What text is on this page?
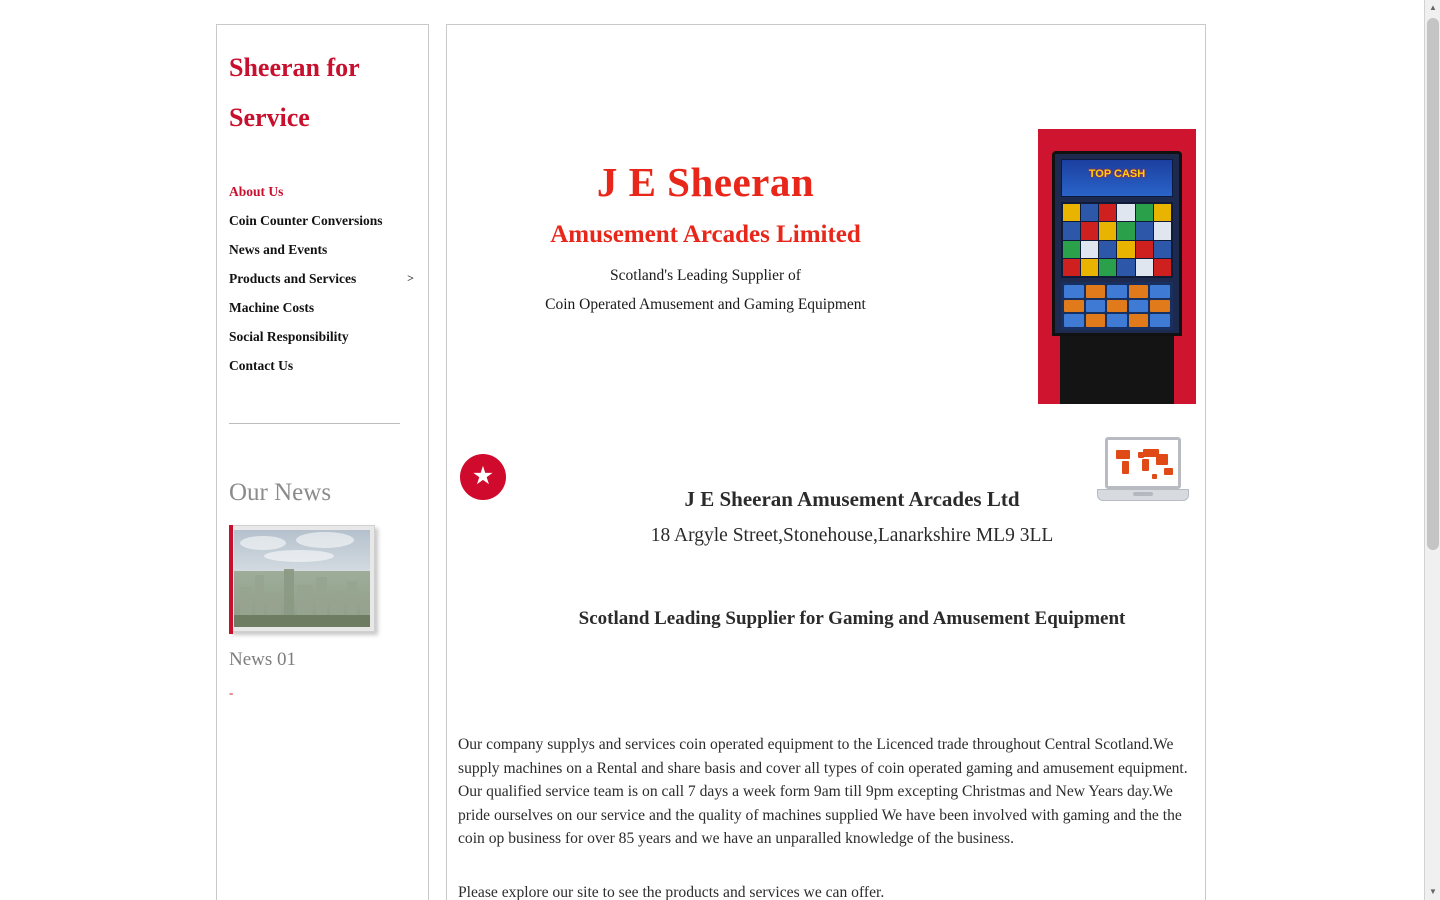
Sheeran for Service
About Us
Coin Counter Conversions
News and Events
Products and Services	>
Machine Costs
Social Responsibility
Contact Us
Our News
News 01
-
J E Sheeran
Amusement Arcades Limited
Scotland's Leading Supplier of
Coin Operated Amusement and Gaming Equipment
TOP CASH
★
J E Sheeran Amusement Arcades Ltd
18 Argyle Street,Stonehouse,Lanarkshire ML9 3LL
Scotland Leading Supplier for Gaming and Amusement Equipment

Our company supplys and services coin operated equipment to the Licenced trade throughout Central Scotland.We supply machines on a Rental and share basis and cover all types of coin operated gaming and amusement equipment. Our qualified service team is on call 7 days a week form 9am till 9pm excepting Christmas and New Years day.We pride ourselves on our service and the quality of machines supplied We have been involved with gaming and the the coin op business for over 85 years and we have an unparalled knowledge of the business.

Please explore our site to see the products and services we can offer.

▲
▼
